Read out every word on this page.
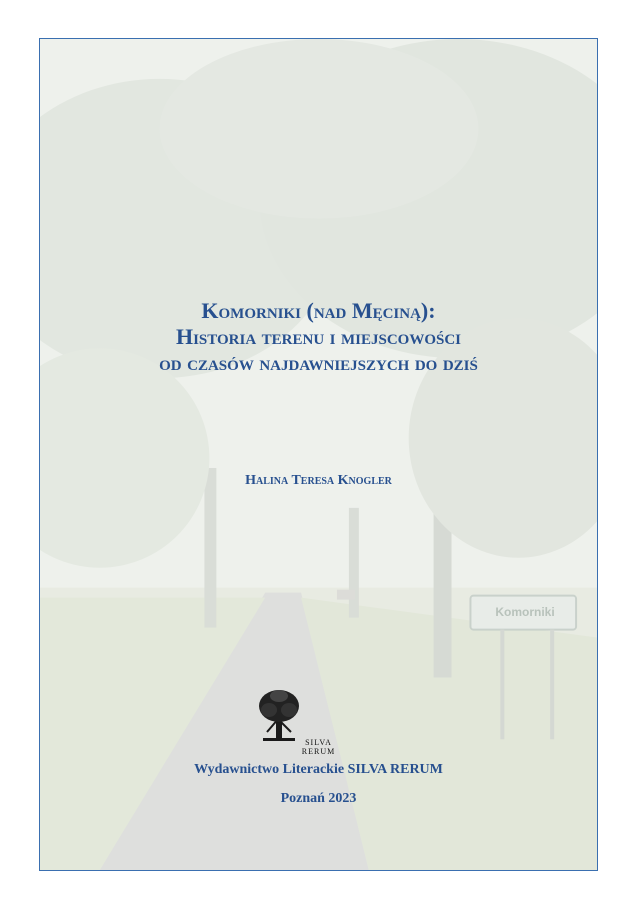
Komorniki
Komorniki (nad Męciną):
Historia terenu i miejscowości
od czasów najdawniejszych do dziś
Halina Teresa Knogler
SILVA
RERUM
Wydawnictwo Literackie SILVA RERUM
Poznań 2023
